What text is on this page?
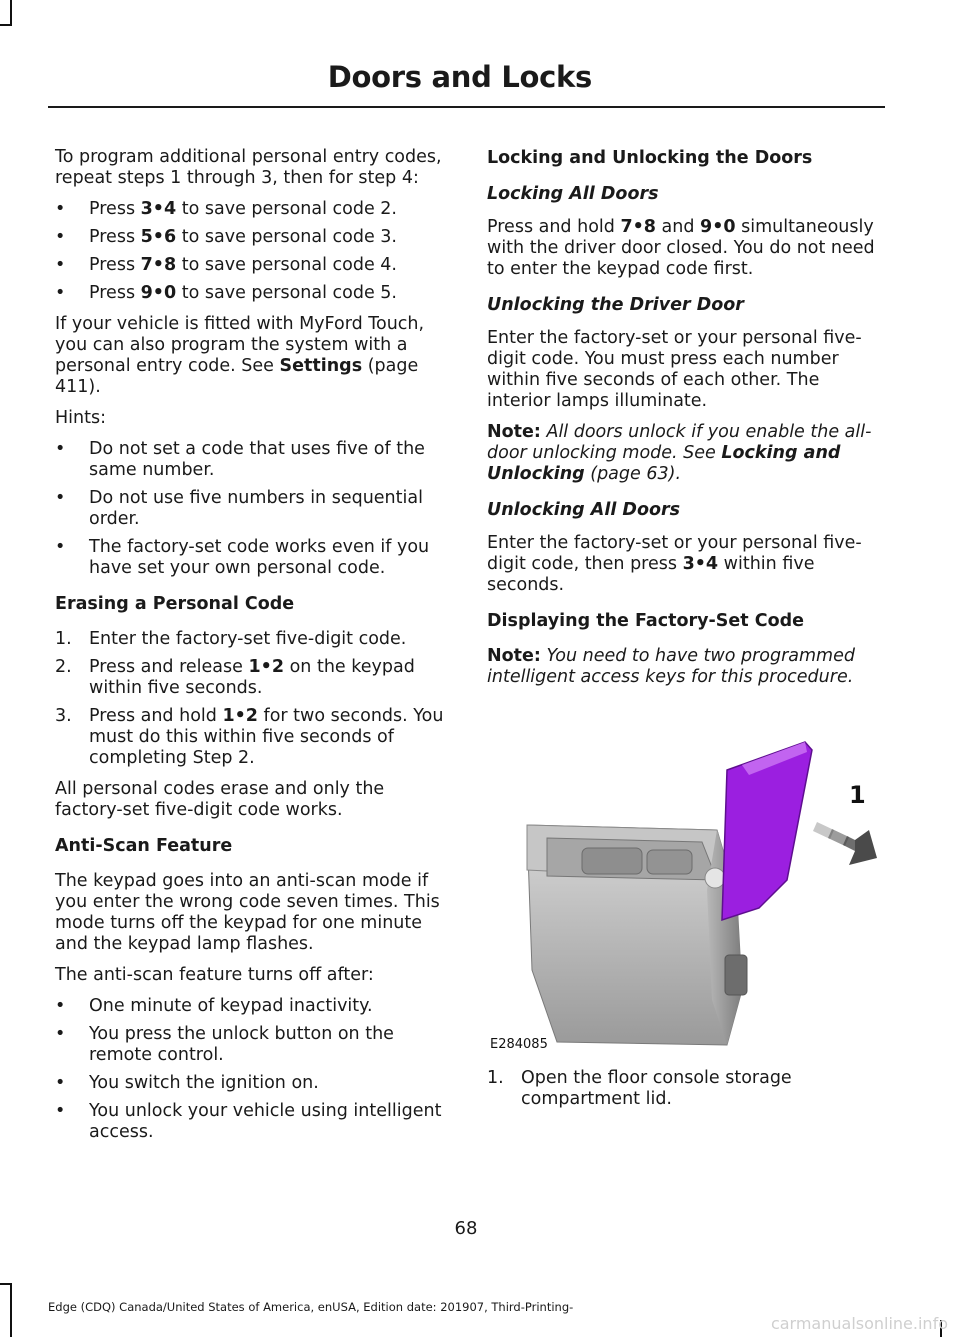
Doors and Locks

To program additional personal entry codes, repeat steps 1 through 3, then for step 4:

• Press 3•4 to save personal code 2.
• Press 5•6 to save personal code 3.
• Press 7•8 to save personal code 4.
• Press 9•0 to save personal code 5.

If your vehicle is fitted with MyFord Touch, you can also program the system with a personal entry code. See Settings (page 411).

Hints:

• Do not set a code that uses five of the same number.
• Do not use five numbers in sequential order.
• The factory-set code works even if you have set your own personal code.
Erasing a Personal Code
1. Enter the factory-set five-digit code.
2. Press and release 1•2 on the keypad within five seconds.
3. Press and hold 1•2 for two seconds. You must do this within five seconds of completing Step 2.

All personal codes erase and only the factory-set five-digit code works.

Anti-Scan Feature

The keypad goes into an anti-scan mode if you enter the wrong code seven times. This mode turns off the keypad for one minute and the keypad lamp flashes.

The anti-scan feature turns off after:

• One minute of keypad inactivity.
• You press the unlock button on the remote control.
• You switch the ignition on.
• You unlock your vehicle using intelligent access.
Locking and Unlocking the Doors
Locking All Doors

Press and hold 7•8 and 9•0 simultaneously with the driver door closed. You do not need to enter the keypad code first.

Unlocking the Driver Door

Enter the factory-set or your personal five-digit code. You must press each number within five seconds of each other. The interior lamps illuminate.

Note: All doors unlock if you enable the all-door unlocking mode. See Locking and Unlocking (page 63).

Unlocking All Doors

Enter the factory-set or your personal five-digit code, then press 3•4 within five seconds.

Displaying the Factory-Set Code

Note: You need to have two programmed intelligent access keys for this procedure.

1
E284085
1. Open the floor console storage compartment lid.
68
Edge (CDQ) Canada/United States of America, enUSA, Edition date: 201907, Third-Printing-
carmanualsonline.info
